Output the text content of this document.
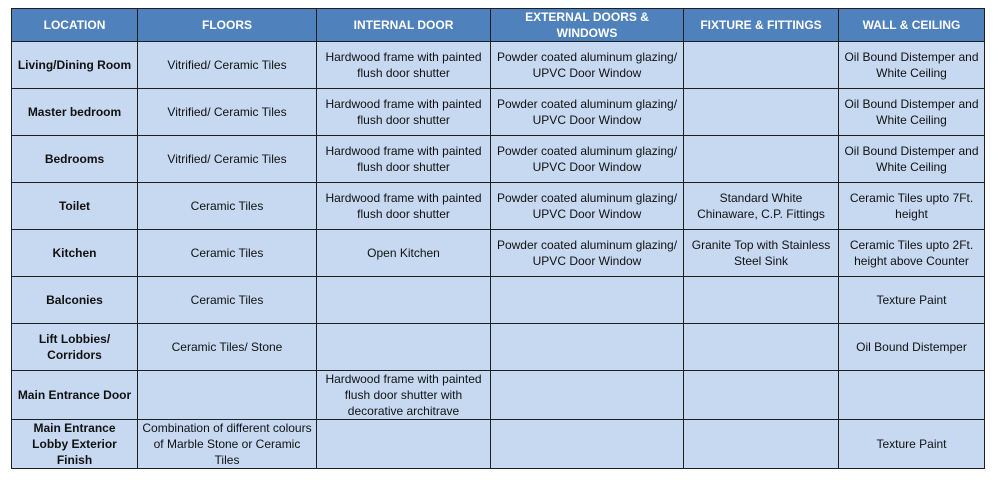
LOCATION	FLOORS	INTERNAL DOOR	EXTERNAL DOORS & WINDOWS	FIXTURE & FITTINGS	WALL & CEILING
Living/Dining Room	Vitrified/ Ceramic Tiles	Hardwood frame with painted flush door shutter	Powder coated aluminum glazing/ UPVC Door Window		Oil Bound Distemper and White Ceiling
Master bedroom	Vitrified/ Ceramic Tiles	Hardwood frame with painted flush door shutter	Powder coated aluminum glazing/ UPVC Door Window		Oil Bound Distemper and White Ceiling
Bedrooms	Vitrified/ Ceramic Tiles	Hardwood frame with painted flush door shutter	Powder coated aluminum glazing/ UPVC Door Window		Oil Bound Distemper and White Ceiling
Toilet	Ceramic Tiles	Hardwood frame with painted flush door shutter	Powder coated aluminum glazing/ UPVC Door Window	Standard White Chinaware, C.P. Fittings	Ceramic Tiles upto 7Ft. height
Kitchen	Ceramic Tiles	Open Kitchen	Powder coated aluminum glazing/ UPVC Door Window	Granite Top with Stainless Steel Sink	Ceramic Tiles upto 2Ft. height above Counter
Balconies	Ceramic Tiles				Texture Paint
Lift Lobbies/ Corridors	Ceramic Tiles/ Stone				Oil Bound Distemper
Main Entrance Door		Hardwood frame with painted flush door shutter with decorative architrave			
Main Entrance Lobby Exterior Finish	Combination of different colours of Marble Stone or Ceramic Tiles				Texture Paint
